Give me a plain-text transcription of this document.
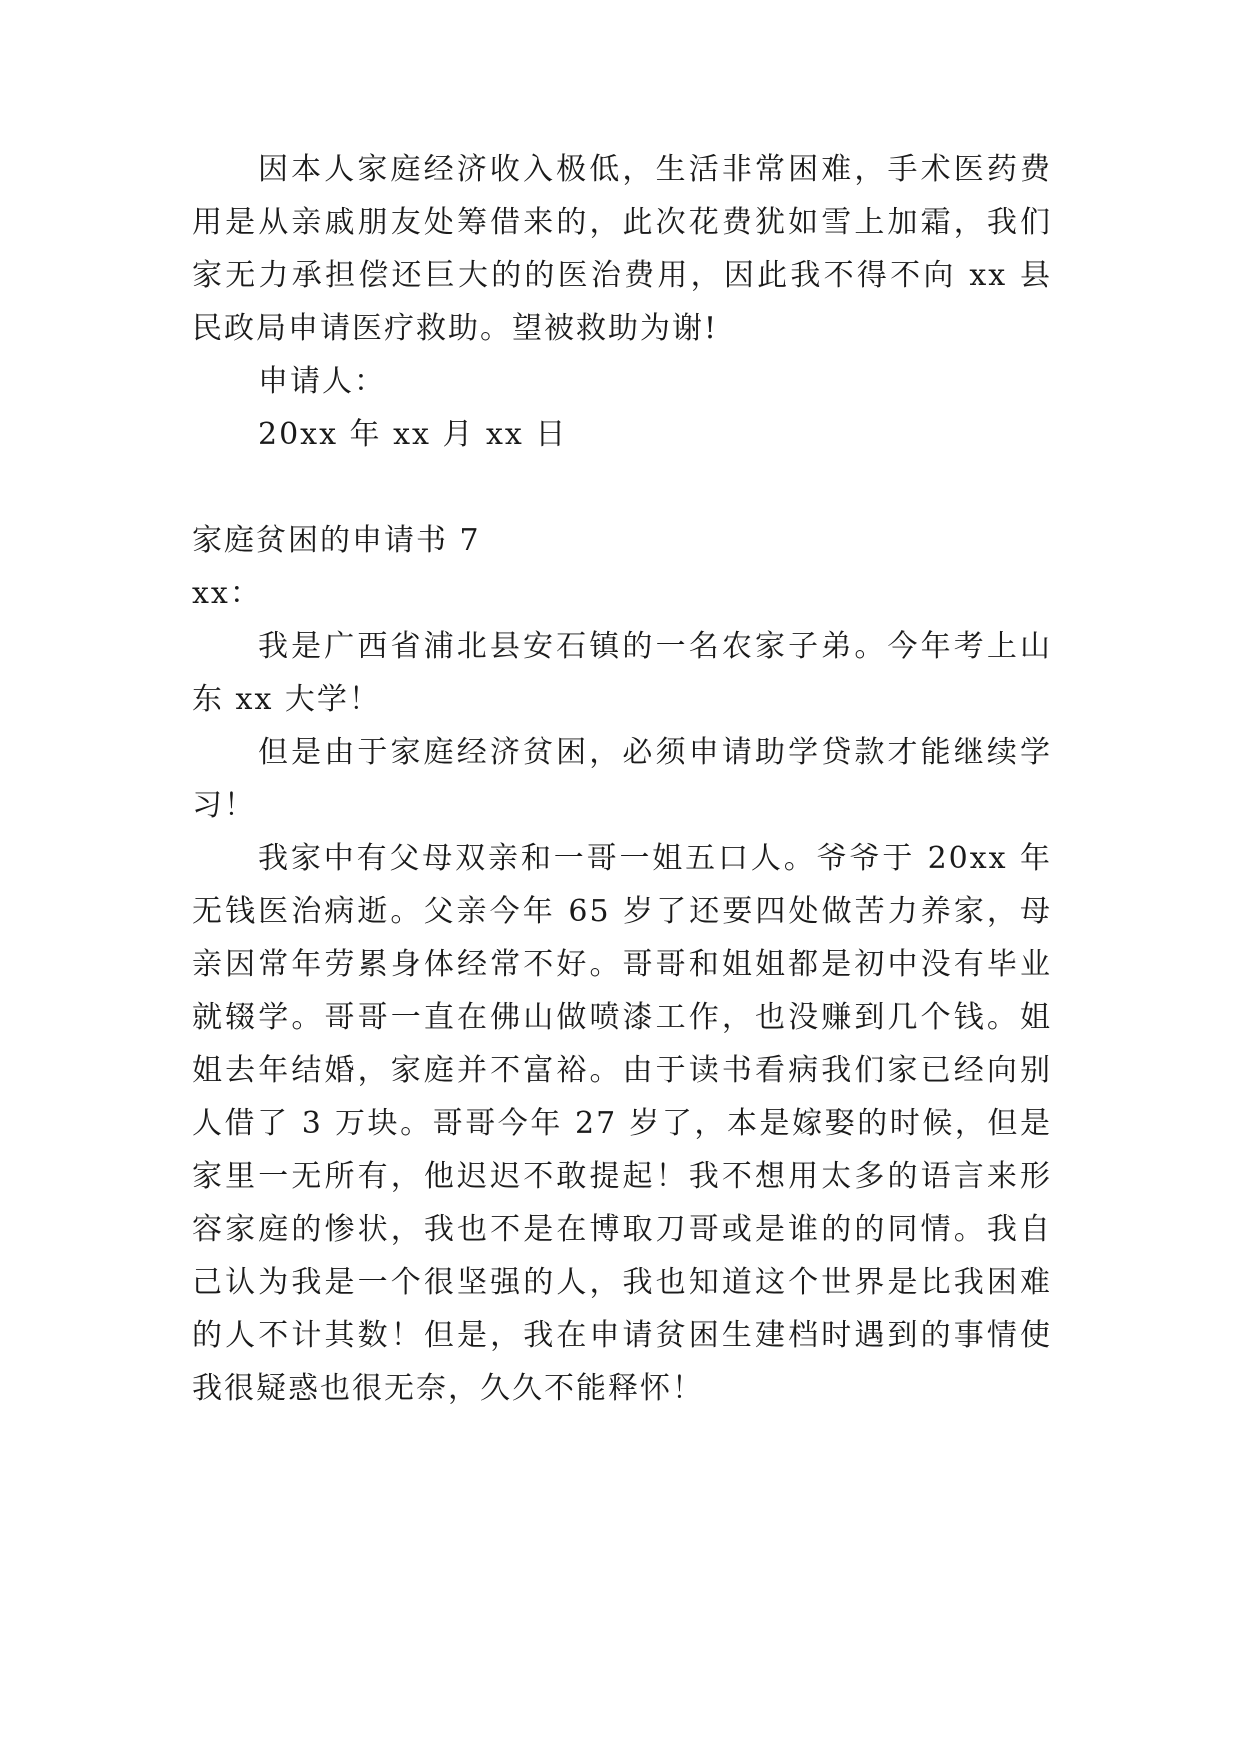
因本人家庭经济收入极低，生活非常困难，手术医药费
用是从亲戚朋友处筹借来的，此次花费犹如雪上加霜，我们
家无力承担偿还巨大的的医治费用，因此我不得不向 xx 县
民政局申请医疗救助。望被救助为谢!
申请人：
20xx 年 xx 月 xx 日
家庭贫困的申请书 7
xx：
我是广西省浦北县安石镇的一名农家子弟。今年考上山
东 xx 大学！
但是由于家庭经济贫困，必须申请助学贷款才能继续学
习！
我家中有父母双亲和一哥一姐五口人。爷爷于 20xx 年
无钱医治病逝。父亲今年 65 岁了还要四处做苦力养家，母
亲因常年劳累身体经常不好。哥哥和姐姐都是初中没有毕业
就辍学。哥哥一直在佛山做喷漆工作，也没赚到几个钱。姐
姐去年结婚，家庭并不富裕。由于读书看病我们家已经向别
人借了 3 万块。哥哥今年 27 岁了，本是嫁娶的时候，但是
家里一无所有，他迟迟不敢提起！我不想用太多的语言来形
容家庭的惨状，我也不是在博取刀哥或是谁的的同情。我自
己认为我是一个很坚强的人，我也知道这个世界是比我困难
的人不计其数！但是，我在申请贫困生建档时遇到的事情使
我很疑惑也很无奈，久久不能释怀！
